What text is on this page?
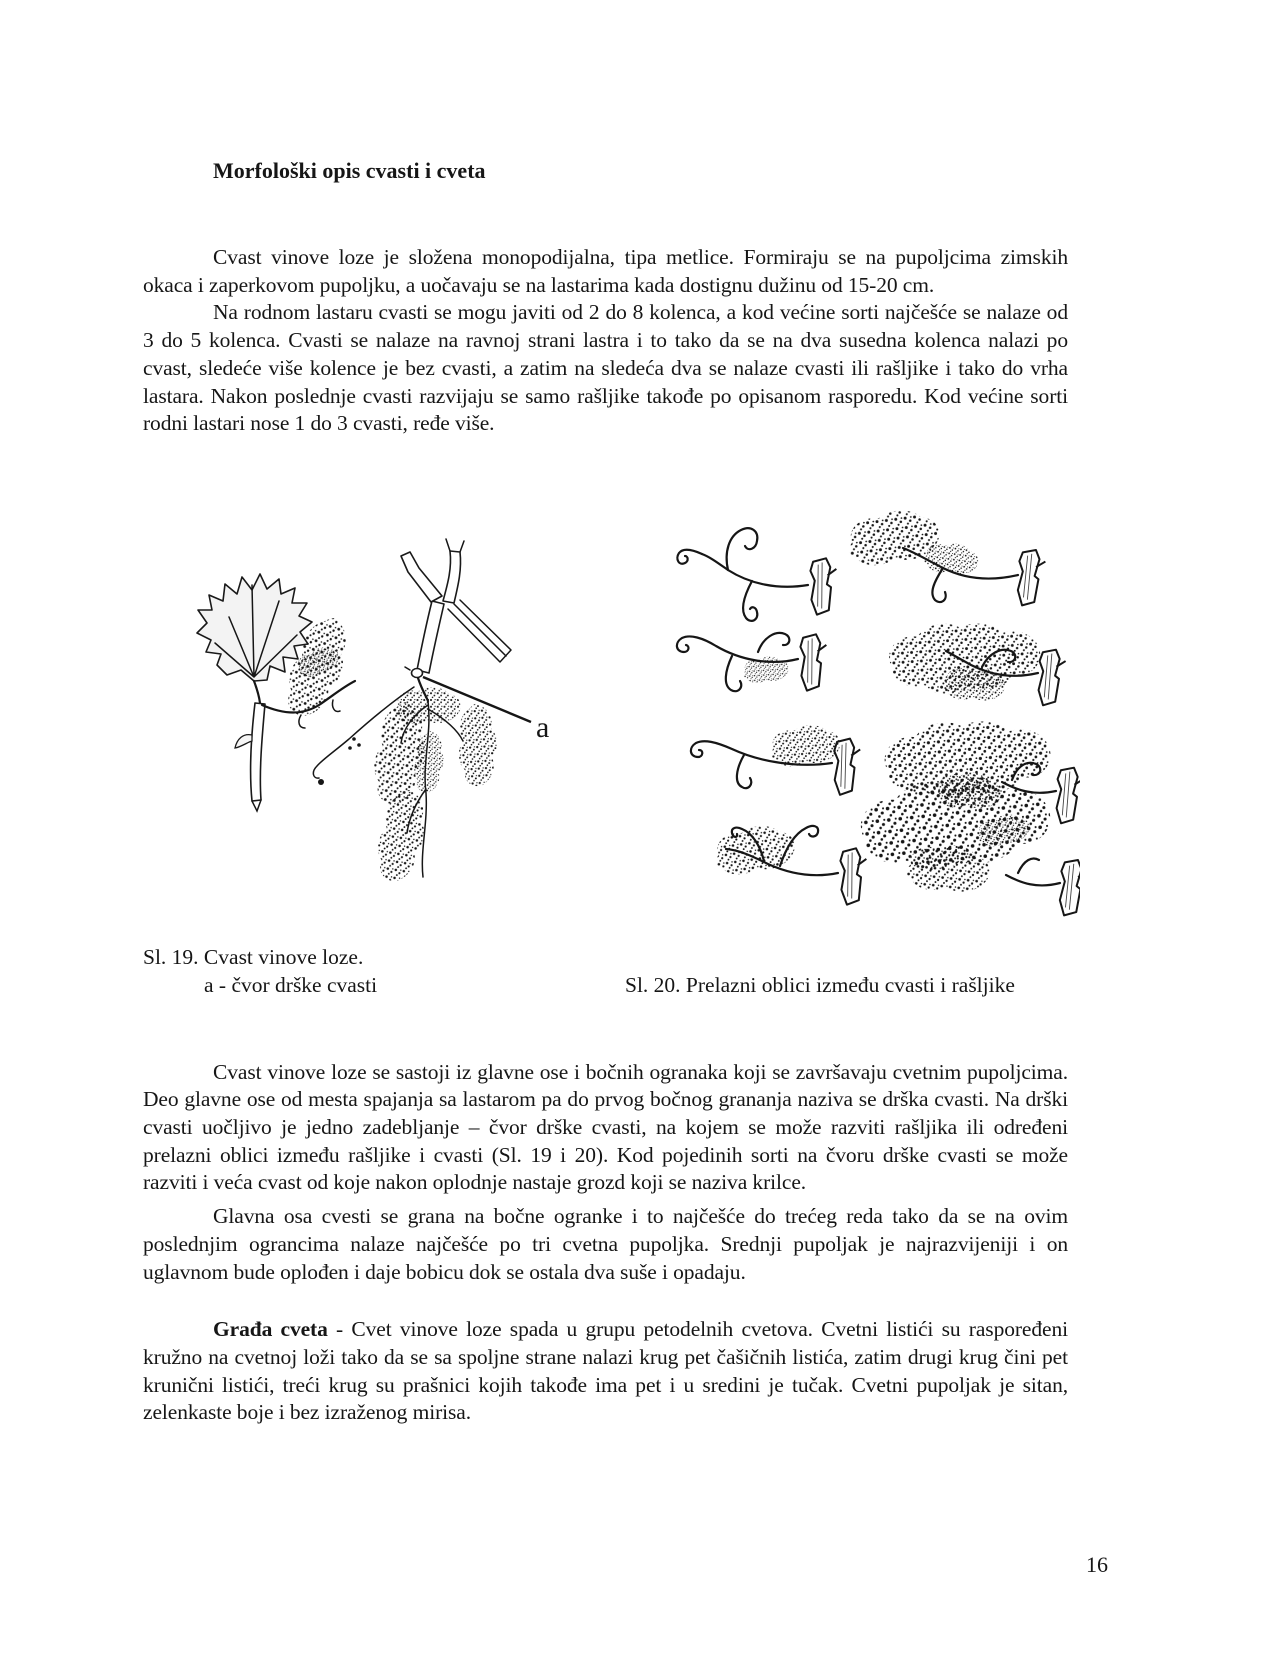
Morfološki opis cvasti i cveta

Cvast vinove loze je složena monopodijalna, tipa metlice. Formiraju se na pupoljcima zimskih okaca i zaperkovom pupoljku, a uočavaju se na lastarima kada dostignu dužinu od 15-20 cm.

Na rodnom lastaru cvasti se mogu javiti od 2 do 8 kolenca, a kod većine sorti najčešće se nalaze od 3 do 5 kolenca. Cvasti se nalaze na ravnoj strani lastra i to tako da se na dva susedna kolenca nalazi po cvast, sledeće više kolence je bez cvasti, a zatim na sledeća dva se nalaze cvasti ili rašljike i tako do vrha lastara. Nakon poslednje cvasti razvijaju se samo rašljike takođe po opisanom rasporedu. Kod većine sorti rodni lastari nose 1 do 3 cvasti, ređe više.

a

Sl. 19. Cvast vinove loze.

a - čvor drške cvasti	Sl. 20. Prelazni oblici između cvasti i rašljike

Cvast vinove loze se sastoji iz glavne ose i bočnih ogranaka koji se završavaju cvetnim pupoljcima. Deo glavne ose od mesta spajanja sa lastarom pa do prvog bočnog grananja naziva se drška cvasti. Na drški cvasti uočljivo je jedno zadebljanje – čvor drške cvasti, na kojem se može razviti rašljika ili određeni prelazni oblici između rašljike i cvasti (Sl. 19 i 20). Kod pojedinih sorti na čvoru drške cvasti se može razviti i veća cvast od koje nakon oplodnje nastaje grozd koji se naziva krilce.

Glavna osa cvesti se grana na bočne ogranke i to najčešće do trećeg reda tako da se na ovim poslednjim ograncima nalaze najčešće po tri cvetna pupoljka. Srednji pupoljak je najrazvijeniji i on uglavnom bude oplođen i daje bobicu dok se ostala dva suše i opadaju.

Građa cveta - Cvet vinove loze spada u grupu petodelnih cvetova. Cvetni listići su raspoređeni kružno na cvetnoj loži tako da se sa spoljne strane nalazi krug pet čašičnih listića, zatim drugi krug čini pet krunični listići, treći krug su prašnici kojih takođe ima pet i u sredini je tučak. Cvetni pupoljak je sitan, zelenkaste boje i bez izraženog mirisa.

16
